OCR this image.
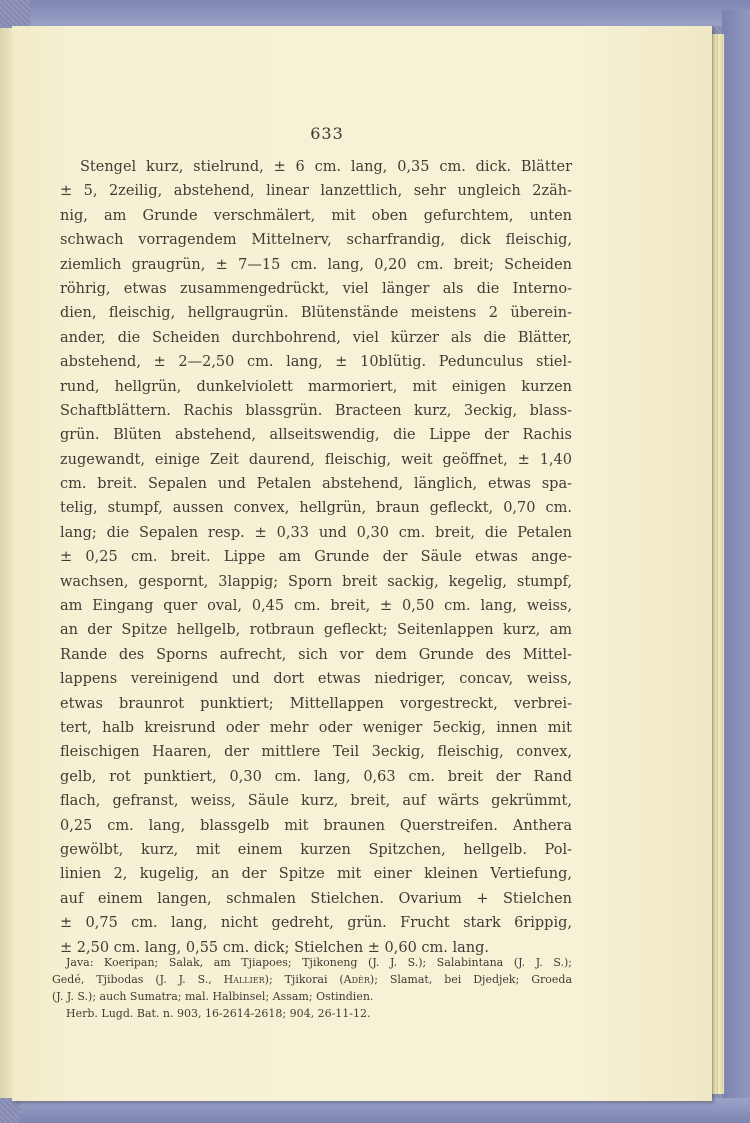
633
Stengel kurz, stielrund, ± 6 cm. lang, 0,35 cm. dick. Blätter
± 5, 2zeilig, abstehend, linear lanzettlich, sehr ungleich 2zäh-
nig, am Grunde verschmälert, mit oben gefurchtem, unten
schwach vorragendem Mittelnerv, scharfrandig, dick fleischig,
ziemlich graugrün, ± 7—15 cm. lang, 0,20 cm. breit; Scheiden
röhrig, etwas zusammengedrückt, viel länger als die Interno-
dien, fleischig, hellgraugrün. Blütenstände meistens 2 überein-
ander, die Scheiden durchbohrend, viel kürzer als die Blätter,
abstehend, ± 2—2,50 cm. lang, ± 10blütig. Pedunculus stiel-
rund, hellgrün, dunkelviolett marmoriert, mit einigen kurzen
Schaftblättern. Rachis blassgrün. Bracteen kurz, 3eckig, blass-
grün. Blüten abstehend, allseitswendig, die Lippe der Rachis
zugewandt, einige Zeit daurend, fleischig, weit geöffnet, ± 1,40
cm. breit. Sepalen und Petalen abstehend, länglich, etwas spa-
telig, stumpf, aussen convex, hellgrün, braun gefleckt, 0,70 cm.
lang; die Sepalen resp. ± 0,33 und 0,30 cm. breit, die Petalen
± 0,25 cm. breit. Lippe am Grunde der Säule etwas ange-
wachsen, gespornt, 3lappig; Sporn breit sackig, kegelig, stumpf,
am Eingang quer oval, 0,45 cm. breit, ± 0,50 cm. lang, weiss,
an der Spitze hellgelb, rotbraun gefleckt; Seitenlappen kurz, am
Rande des Sporns aufrecht, sich vor dem Grunde des Mittel-
lappens vereinigend und dort etwas niedriger, concav, weiss,
etwas braunrot punktiert; Mittellappen vorgestreckt, verbrei-
tert, halb kreisrund oder mehr oder weniger 5eckig, innen mit
fleischigen Haaren, der mittlere Teil 3eckig, fleischig, convex,
gelb, rot punktiert, 0,30 cm. lang, 0,63 cm. breit der Rand
flach, gefranst, weiss, Säule kurz, breit, auf wärts gekrümmt,
0,25 cm. lang, blassgelb mit braunen Querstreifen. Anthera
gewölbt, kurz, mit einem kurzen Spitzchen, hellgelb. Pol-
linien 2, kugelig, an der Spitze mit einer kleinen Vertiefung,
auf einem langen, schmalen Stielchen. Ovarium + Stielchen
± 0,75 cm. lang, nicht gedreht, grün. Frucht stark 6rippig,
± 2,50 cm. lang, 0,55 cm. dick; Stielchen ± 0,60 cm. lang.
Java: Koeripan; Salak, am Tjiapoes; Tjikoneng (J. J. S.); Salabintana (J. J. S.);
Gedé, Tjibodas (J. J. S., Hallier); Tjikorai (Adèr); Slamat, bei Djedjek; Groeda
(J. J. S.); auch Sumatra; mal. Halbinsel; Assam; Ostindien.
Herb. Lugd. Bat. n. 903, 16-2614-2618; 904, 26-11-12.
